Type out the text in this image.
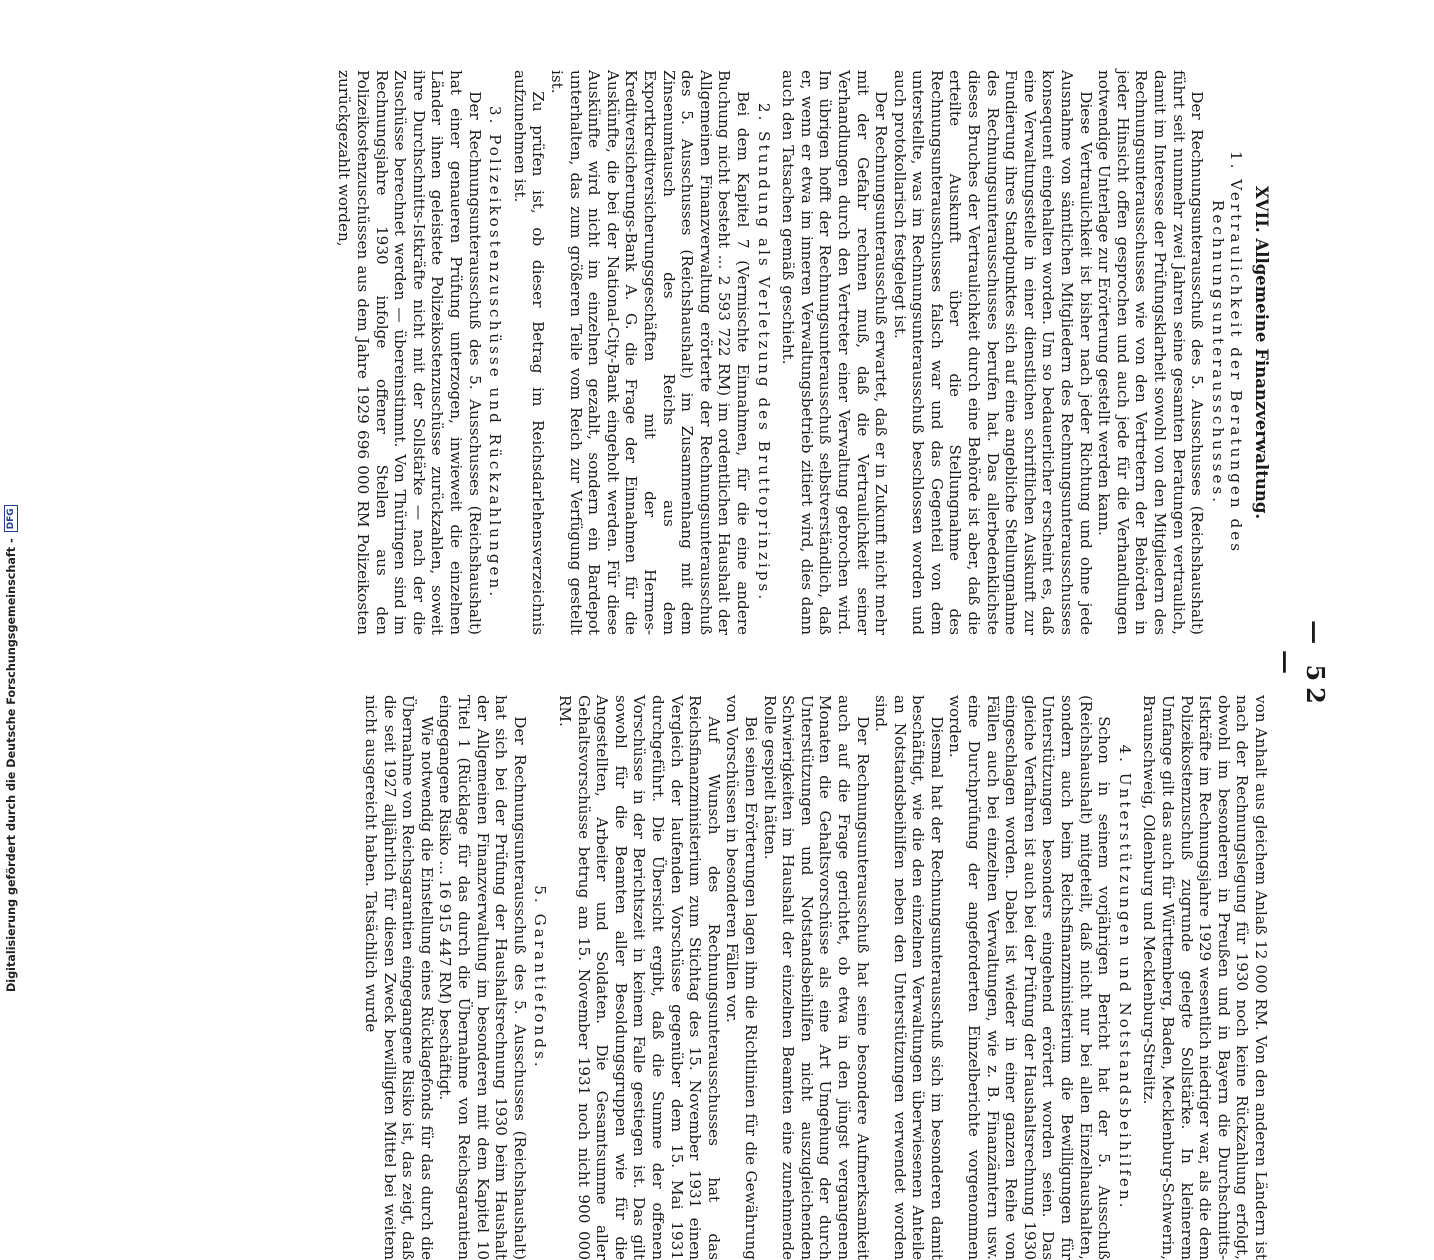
— 52 —
XVII. Allgemeine Finanzverwaltung.
1. Vertraulichkeit der Beratungen des Rechnungsunterausschusses.

Der Rechnungsunterausschuß des 5. Ausschusses (Reichshaushalt) führt seit nunmehr zwei Jahren seine gesamten Beratungen vertraulich, damit im Interesse der Prüfungsklarheit sowohl von den Mitgliedern des Rechnungsunterausschusses wie von den Vertretern der Behörden in jeder Hinsicht offen gesprochen und auch jede für die Verhandlungen notwendige Unterlage zur Erörterung gestellt werden kann.

Diese Vertraulichkeit ist bisher nach jeder Richtung und ohne jede Ausnahme von sämtlichen Mitgliedern des Rechnungsunterausschusses konsequent eingehalten worden. Um so bedauerlicher erscheint es, daß eine Verwaltungsstelle in einer dienstlichen schriftlichen Auskunft zur Fundierung ihres Standpunktes sich auf eine angebliche Stellungnahme des Rechnungsunterausschusses berufen hat. Das allerbedenklichste dieses Bruches der Vertraulichkeit durch eine Behörde ist aber, daß die erteilte Auskunft über die Stellungnahme des Rechnungsunterausschusses falsch war und das Gegenteil von dem unterstellte, was im Rechnungsunterausschuß beschlossen worden und auch protokollarisch festgelegt ist.

Der Rechnungsunterausschuß erwartet, daß er in Zukunft nicht mehr mit der Gefahr rechnen muß, daß die Vertraulichkeit seiner Verhandlungen durch den Vertreter einer Verwaltung gebrochen wird. Im übrigen hofft der Rechnungsunterausschuß selbstverständlich, daß er, wenn er etwa im inneren Verwaltungsbetrieb zitiert wird, dies dann auch den Tatsachen gemäß geschieht.

2. Stundung als Verletzung des Bruttoprinzips.

Bei dem Kapitel 7 (Vermischte Einnahmen, für die eine andere Buchung nicht besteht ... 2 593 722 RM) im ordentlichen Haushalt der Allgemeinen Finanzverwaltung erörterte der Rechnungsunterausschuß des 5. Ausschusses (Reichshaushalt) im Zusammenhang mit dem Zinsenumtausch des Reichs aus dem Exportkreditversicherungsgeschäften mit der Hermes-Kreditversicherungs-Bank A. G. die Frage der Einnahmen für die Auskünfte, die bei der National-City-Bank eingeholt werden. Für diese Auskünfte wird nicht im einzelnen gezahlt, sondern ein Bardepot unterhalten, das zum größeren Teile vom Reich zur Verfügung gestellt ist.

Zu prüfen ist, ob dieser Betrag im Reichsdarlehensverzeichnis aufzunehmen ist.

3. Polizeikostenzuschüsse und Rückzahlungen.

Der Rechnungsunterausschuß des 5. Ausschusses (Reichshaushalt) hat einer genaueren Prüfung unterzogen, inwieweit die einzelnen Länder ihnen geleistete Polizeikostenzuschüsse zurückzahlen, soweit ihre Durchschnitts-Istkräfte nicht mit der Sollstärke — nach der die Zuschüsse berechnet werden — übereinstimmt. Von Thüringen sind im Rechnungsjahre 1930 infolge offener Stellen aus den Polizeikostenzuschüssen aus dem Jahre 1929 696 000 RM Polizeikosten zurückgezahlt worden,

von Anhalt aus gleichem Anlaß 12 000 RM. Von den anderen Ländern ist nach der Rechnungslegung für 1930 noch keine Rückzahlung erfolgt, obwohl im besonderen in Preußen und in Bayern die Durchschnitts-Istkräfte im Rechnungsjahre 1929 wesentlich niedriger war, als die dem Polizeikostenzuschuß zugrunde gelegte Sollstärke. In kleinerem Umfange gilt das auch für Württemberg, Baden, Mecklenburg-Schwerin, Braunschweig, Oldenburg und Mecklenburg-Strelitz.

4. Unterstützungen und Notstandsbeihilfen.

Schon in seinem vorjährigen Bericht hat der 5. Ausschuß (Reichshaushalt) mitgeteilt, daß nicht nur bei allen Einzelhaushalten, sondern auch beim Reichsfinanzministerium die Bewilligungen für Unterstützungen besonders eingehend erörtert worden seien. Das gleiche Verfahren ist auch bei der Prüfung der Haushaltsrechnung 1930 eingeschlagen worden. Dabei ist wieder in einer ganzen Reihe von Fällen auch bei einzelnen Verwaltungen, wie z. B. Finanzämtern usw. eine Durchprüfung der angeforderten Einzelberichte vorgenommen worden.

Diesmal hat der Rechnungsunterausschuß sich im besonderen damit beschäftigt, wie die den einzelnen Verwaltungen überwiesenen Anteile an Notstandsbeihilfen neben den Unterstützungen verwendet worden sind.

Der Rechnungsunterausschuß hat seine besondere Aufmerksamkeit auch auf die Frage gerichtet, ob etwa in den jüngst vergangenen Monaten die Gehaltsvorschüsse als eine Art Umgehung der durch Unterstützungen und Notstandsbeihilfen nicht auszugleichenden Schwierigkeiten im Haushalt der einzelnen Beamten eine zunehmende Rolle gespielt hätten.

Bei seinen Erörterungen lagen ihm die Richtlinien für die Gewährung von Vorschüssen in besonderen Fällen vor.

Auf Wunsch des Rechnungsunterausschusses hat das Reichsfinanzministerium zum Stichtag des 15. November 1931 einen Vergleich der laufenden Vorschüsse gegenüber dem 15. Mai 1931 durchgeführt. Die Übersicht ergibt, daß die Summe der offenen Vorschüsse in der Berichtszeit in keinem Falle gestiegen ist. Das gilt sowohl für die Beamten aller Besoldungsgruppen wie für die Angestellten, Arbeiter und Soldaten. Die Gesamtsumme aller Gehaltsvorschüsse betrug am 15. November 1931 noch nicht 900 000 RM.

5. Garantiefonds.

Der Rechnungsunterausschuß des 5. Ausschusses (Reichshaushalt) hat sich bei der Prüfung der Haushaltsrechnung 1930 beim Haushalt der Allgemeinen Finanzverwaltung im besonderen mit dem Kapitel 10 Titel 1 (Rücklage für das durch die Übernahme von Reichsgarantien eingegangene Risiko ... 16 915 447 RM) beschäftigt.

Wie notwendig die Einstellung eines Rücklagefonds für das durch die Übernahme von Reichsgarantien eingegangene Risiko ist, das zeigt, daß die seit 1927 alljährlich für diesen Zweck bewilligten Mittel bei weitem nicht ausgereicht haben. Tatsächlich wurde

Digitalisierung gefördert durch die Deutsche Forschungsgemeinschaft -
DFG
